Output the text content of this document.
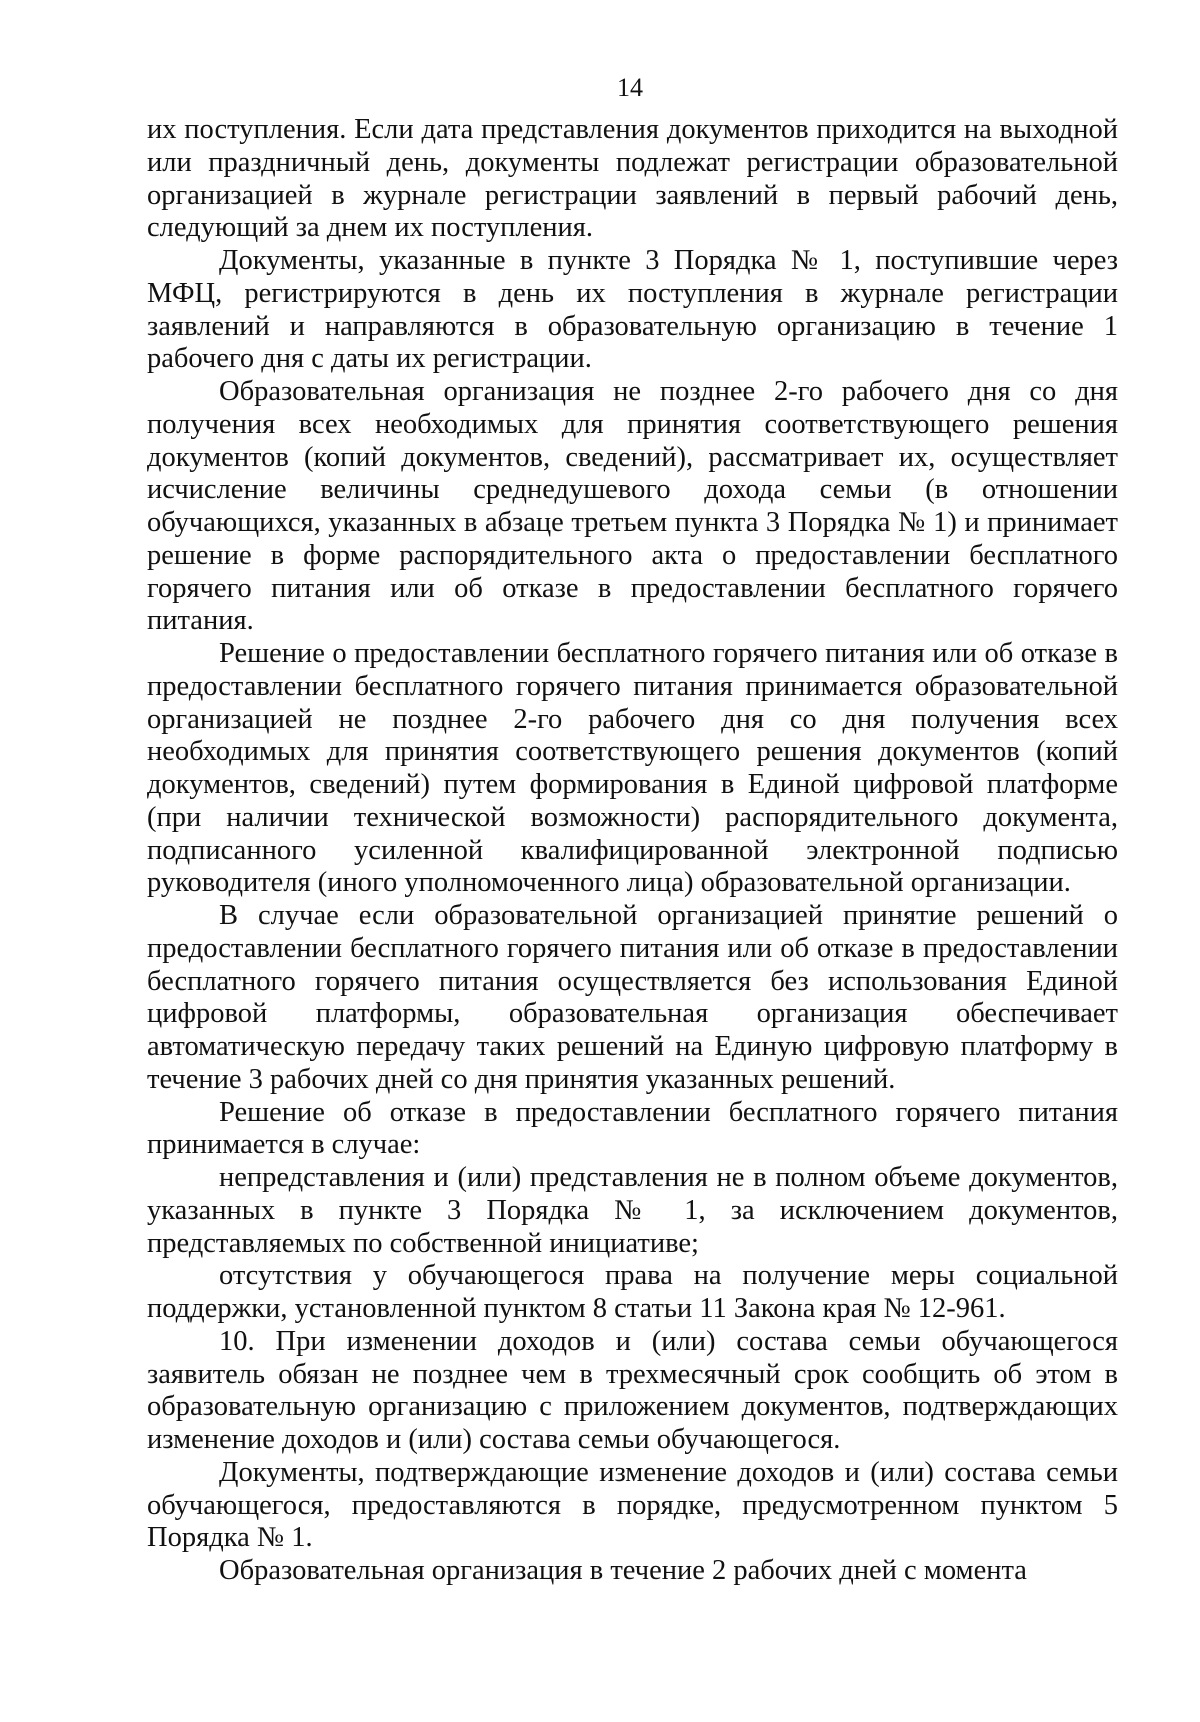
14

их поступления. Если дата представления документов приходится на выходной или праздничный день, документы подлежат регистрации образовательной организацией в журнале регистрации заявлений в первый рабочий день, следующий за днем их поступления.

Документы, указанные в пункте 3 Порядка № 1, поступившие через МФЦ, регистрируются в день их поступления в журнале регистрации заявлений и направляются в образовательную организацию в течение 1 рабочего дня с даты их регистрации.

Образовательная организация не позднее 2-го рабочего дня со дня получения всех необходимых для принятия соответствующего решения документов (копий документов, сведений), рассматривает их, осуществляет исчисление величины среднедушевого дохода семьи (в отношении обучающихся, указанных в абзаце третьем пункта 3 Порядка № 1) и принимает решение в форме распорядительного акта о предоставлении бесплатного горячего питания или об отказе в предоставлении бесплатного горячего питания.

Решение о предоставлении бесплатного горячего питания или об отказе в предоставлении бесплатного горячего питания принимается образовательной организацией не позднее 2-го рабочего дня со дня получения всех необходимых для принятия соответствующего решения документов (копий документов, сведений) путем формирования в Единой цифровой платформе (при наличии технической возможности) распорядительного документа, подписанного усиленной квалифицированной электронной подписью руководителя (иного уполномоченного лица) образовательной организации.

В случае если образовательной организацией принятие решений о предоставлении бесплатного горячего питания или об отказе в предоставлении бесплатного горячего питания осуществляется без использования Единой цифровой платформы, образовательная организация обеспечивает автоматическую передачу таких решений на Единую цифровую платформу в течение 3 рабочих дней со дня принятия указанных решений.

Решение об отказе в предоставлении бесплатного горячего питания принимается в случае:

непредставления и (или) представления не в полном объеме документов, указанных в пункте 3 Порядка № 1, за исключением документов, представляемых по собственной инициативе;

отсутствия у обучающегося права на получение меры социальной поддержки, установленной пунктом 8 статьи 11 Закона края № 12-961.

10. При изменении доходов и (или) состава семьи обучающегося заявитель обязан не позднее чем в трехмесячный срок сообщить об этом в образовательную организацию с приложением документов, подтверждающих изменение доходов и (или) состава семьи обучающегося.

Документы, подтверждающие изменение доходов и (или) состава семьи обучающегося, предоставляются в порядке, предусмотренном пунктом 5 Порядка № 1.

Образовательная организация в течение 2 рабочих дней с момента
